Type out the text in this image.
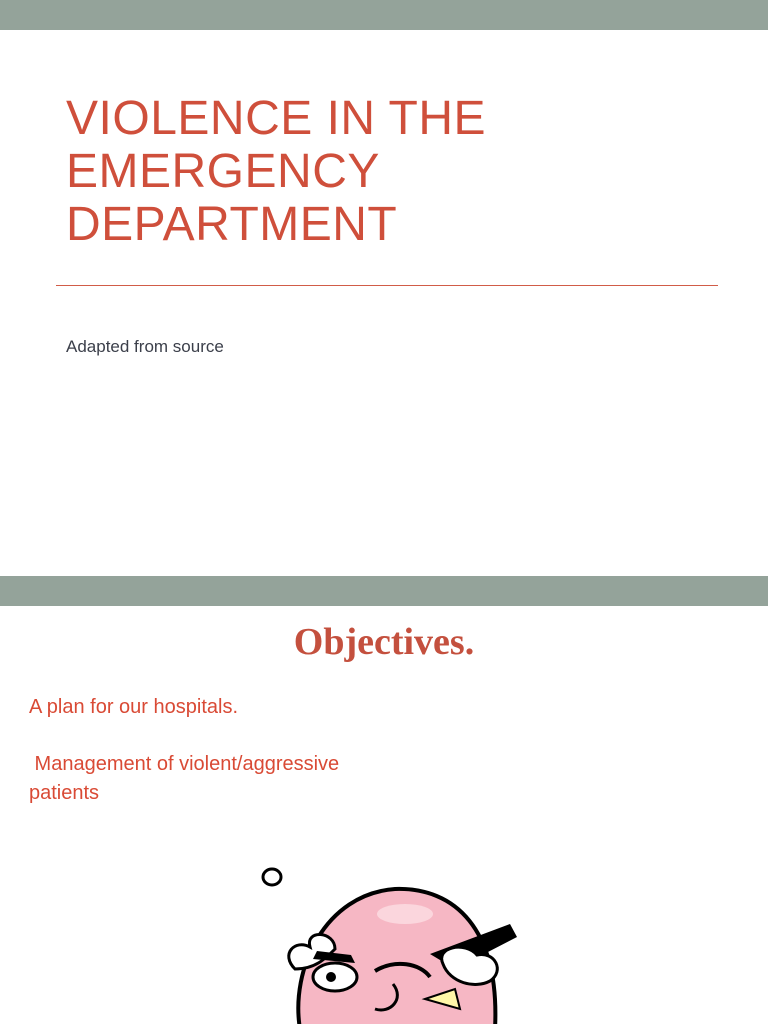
VIOLENCE IN THE
EMERGENCY
DEPARTMENT
Adapted from source
Objectives.
A plan for our hospitals.
Management of violent/aggressive
patients
